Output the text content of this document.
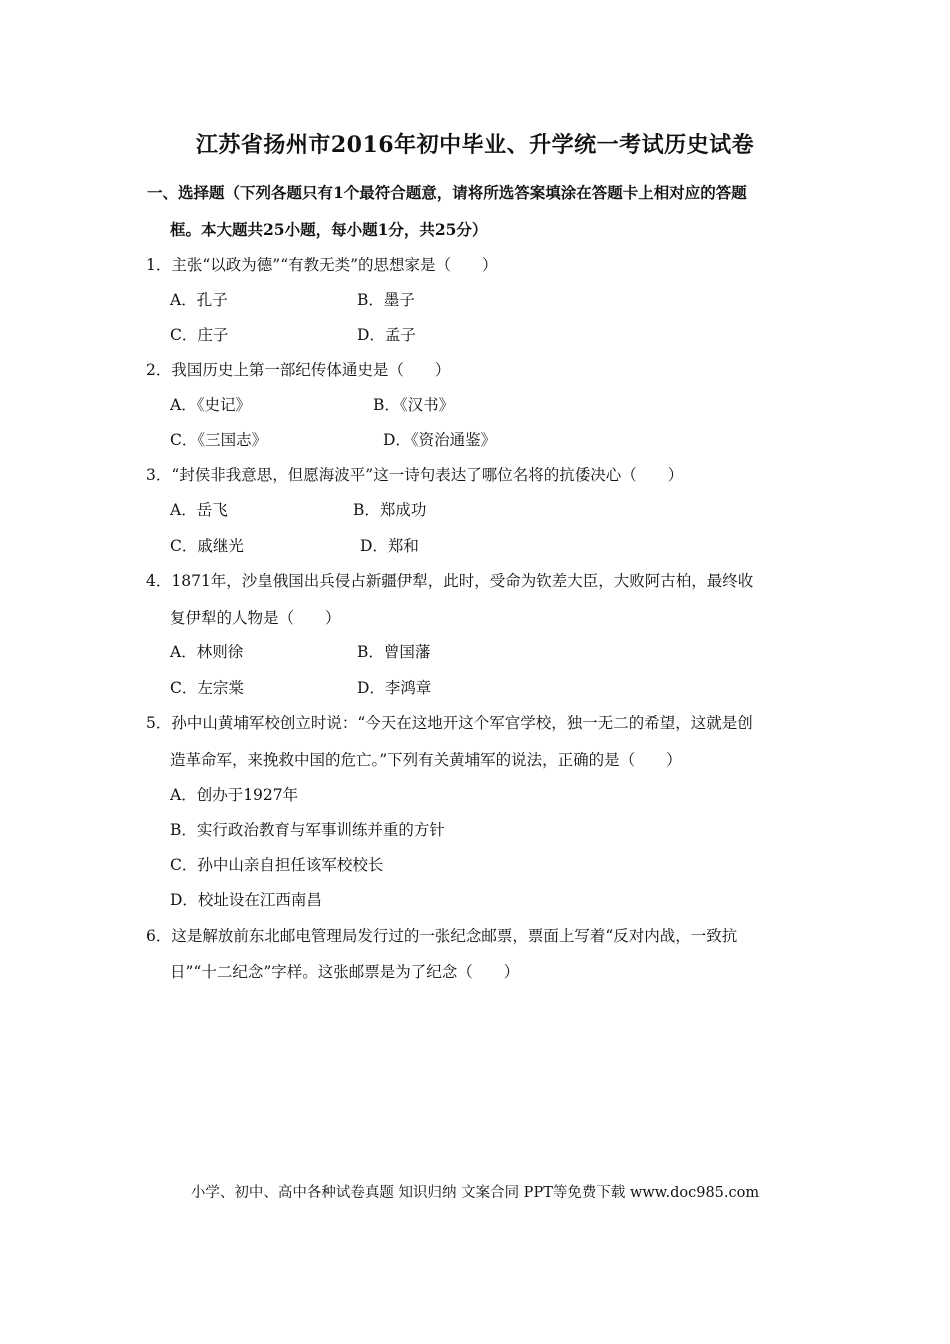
江苏省扬州市2016年初中毕业、升学统一考试历史试卷
一、选择题（下列各题只有1个最符合题意，请将所选答案填涂在答题卡上相对应的答题
框。本大题共25小题，每小题1分，共25分）
1．主张“以政为德”“有教无类”的思想家是（　　）
A．孔子	B．墨子
C．庄子	D．孟子
2．我国历史上第一部纪传体通史是（　　）
A．《史记》	B．《汉书》
C．《三国志》	D．《资治通鉴》
3．“封侯非我意思，但愿海波平”这一诗句表达了哪位名将的抗倭决心（　　）
A．岳飞	B．郑成功
C．戚继光	D．郑和
4．1871年，沙皇俄国出兵侵占新疆伊犁，此时，受命为钦差大臣，大败阿古柏，最终收
复伊犁的人物是（　　）
A．林则徐	B．曾国藩
C．左宗棠	D．李鸿章
5．孙中山黄埔军校创立时说：“今天在这地开这个军官学校，独一无二的希望，这就是创
造革命军，来挽救中国的危亡。”下列有关黄埔军的说法，正确的是（　　）
A．创办于1927年
B．实行政治教育与军事训练并重的方针
C．孙中山亲自担任该军校校长
D．校址设在江西南昌
6．这是解放前东北邮电管理局发行过的一张纪念邮票，票面上写着“反对内战，一致抗
日”“十二纪念”字样。这张邮票是为了纪念（　　）
小学、初中、高中各种试卷真题 知识归纳 文案合同 PPT等免费下载 www.doc985.com
